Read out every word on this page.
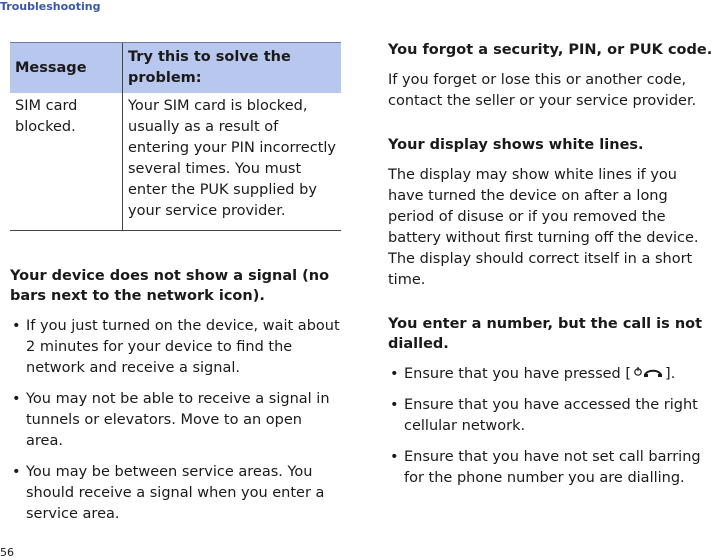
Troubleshooting
Message	Try this to solve the problem:
SIM card blocked.	Your SIM card is blocked, usually as a result of entering your PIN incorrectly several times. You must enter the PUK supplied by your service provider.
Your device does not show a signal (no bars next to the network icon).
• If you just turned on the device, wait about 2 minutes for your device to find the network and receive a signal.
• You may not be able to receive a signal in tunnels or elevators. Move to an open area.
• You may be between service areas. You should receive a signal when you enter a service area.
You forgot a security, PIN, or PUK code.

If you forget or lose this or another code, contact the seller or your service provider.

Your display shows white lines.

The display may show white lines if you have turned the device on after a long period of disuse or if you removed the battery without first turning off the device. The display should correct itself in a short time.

You enter a number, but the call is not dialled.
• Ensure that you have pressed [ ].
• Ensure that you have accessed the right cellular network.
• Ensure that you have not set call barring for the phone number you are dialling.
56
